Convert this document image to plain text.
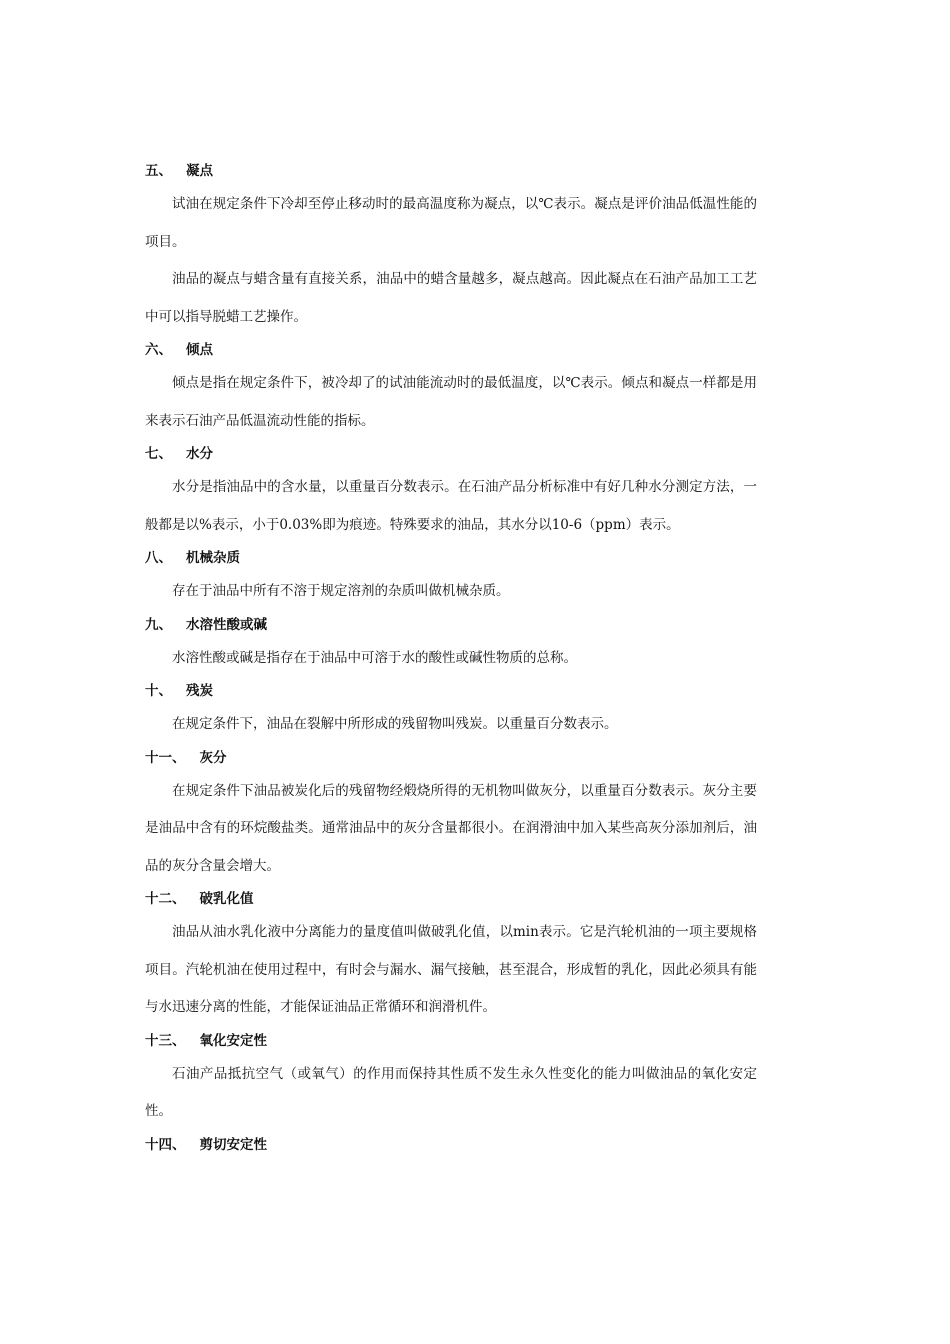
五、 凝点

试油在规定条件下冷却至停止移动时的最高温度称为凝点，以℃表示。凝点是评价油品低温性能的项目。

油品的凝点与蜡含量有直接关系，油品中的蜡含量越多，凝点越高。因此凝点在石油产品加工工艺中可以指导脱蜡工艺操作。

六、 倾点

倾点是指在规定条件下，被冷却了的试油能流动时的最低温度，以℃表示。倾点和凝点一样都是用来表示石油产品低温流动性能的指标。

七、 水分

水分是指油品中的含水量，以重量百分数表示。在石油产品分析标准中有好几种水分测定方法，一般都是以%表示，小于0.03%即为痕迹。特殊要求的油品，其水分以10-6（ppm）表示。

八、 机械杂质

存在于油品中所有不溶于规定溶剂的杂质叫做机械杂质。

九、 水溶性酸或碱

水溶性酸或碱是指存在于油品中可溶于水的酸性或碱性物质的总称。

十、 残炭

在规定条件下，油品在裂解中所形成的残留物叫残炭。以重量百分数表示。

十一、 灰分

在规定条件下油品被炭化后的残留物经煅烧所得的无机物叫做灰分，以重量百分数表示。灰分主要是油品中含有的环烷酸盐类。通常油品中的灰分含量都很小。在润滑油中加入某些高灰分添加剂后，油品的灰分含量会增大。

十二、 破乳化值

油品从油水乳化液中分离能力的量度值叫做破乳化值，以min表示。它是汽轮机油的一项主要规格项目。汽轮机油在使用过程中，有时会与漏水、漏气接触，甚至混合，形成暂的乳化，因此必须具有能与水迅速分离的性能，才能保证油品正常循环和润滑机件。

十三、 氧化安定性

石油产品抵抗空气（或氧气）的作用而保持其性质不发生永久性变化的能力叫做油品的氧化安定性。

十四、 剪切安定性
